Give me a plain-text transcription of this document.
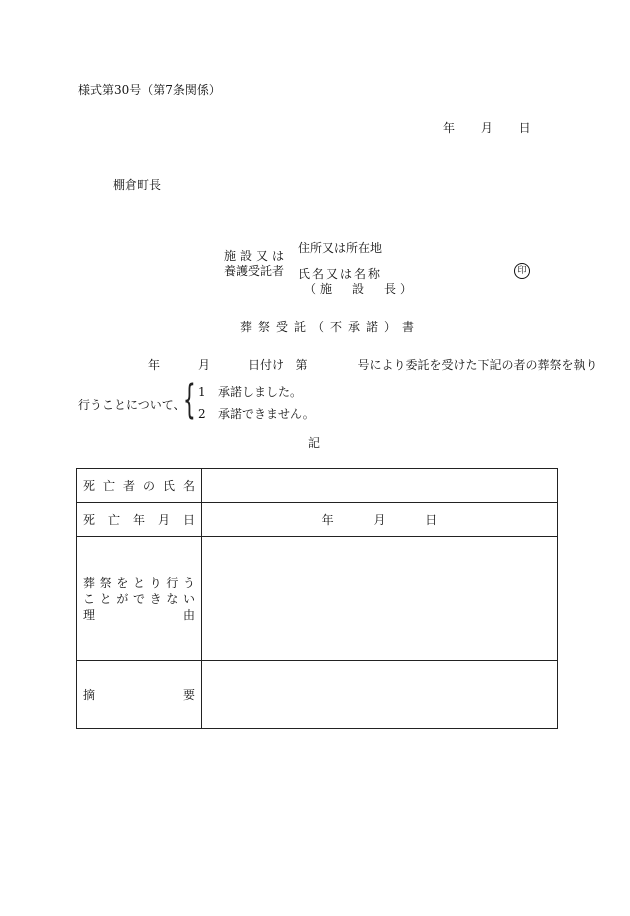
様式第30号（第7条関係）
年 月 日
棚倉町長
施設又は
養護受託者
住所又は所在地
氏名又は名称
（施　設　長）
印
葬祭受託（不承諾）書
年	月	日付け 第	号により委託を受けた下記の者の葬祭を執り
行うことについて、
{ 1 承諾しました。
2 承諾できません。
記
死亡者の氏名	

死亡年月日	年 月 日

葬祭をとり行う
ことができない
理　由	

摘　要	
